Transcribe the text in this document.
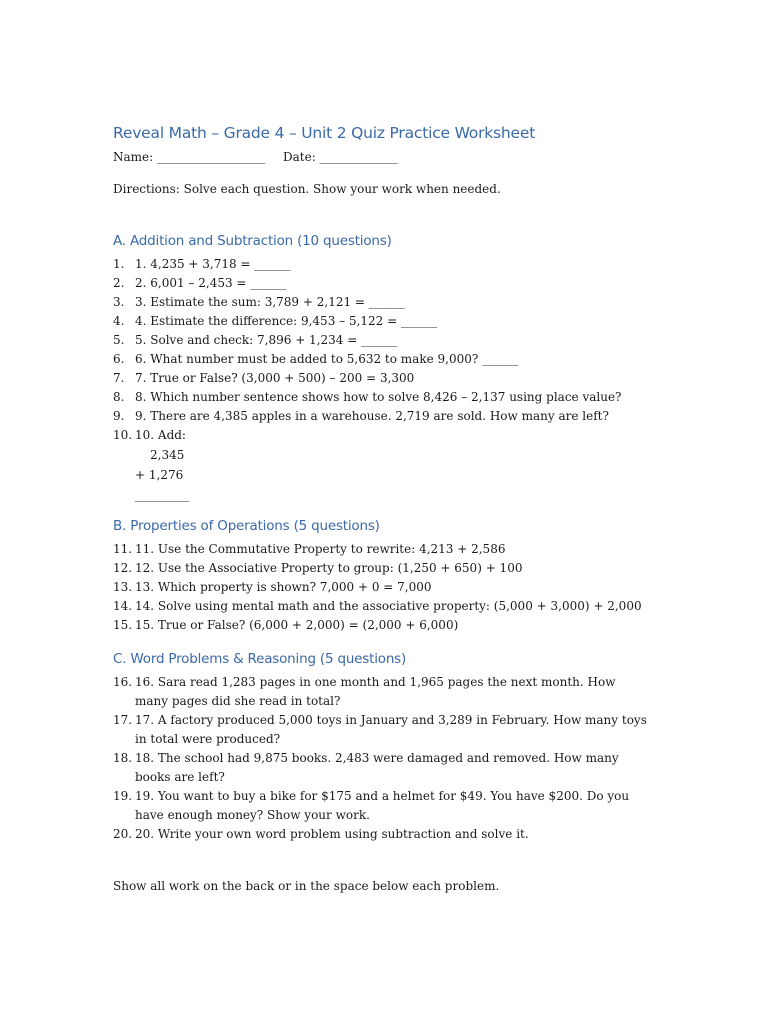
Reveal Math – Grade 4 – Unit 2 Quiz Practice Worksheet
Name: __________________ Date: _____________
Directions: Solve each question. Show your work when needed.
A. Addition and Subtraction (10 questions)
1. 1. 4,235 + 3,718 = ______
2. 2. 6,001 – 2,453 = ______
3. 3. Estimate the sum: 3,789 + 2,121 = ______
4. 4. Estimate the difference: 9,453 – 5,122 = ______
5. 5. Solve and check: 7,896 + 1,234 = ______
6. 6. What number must be added to 5,632 to make 9,000? ______
7. 7. True or False? (3,000 + 500) – 200 = 3,300
8. 8. Which number sentence shows how to solve 8,426 – 2,137 using place value?
9. 9. There are 4,385 apples in a warehouse. 2,719 are sold. How many are left?
10. 10. Add:
2,345
+ 1,276
_________
B. Properties of Operations (5 questions)
11. 11. Use the Commutative Property to rewrite: 4,213 + 2,586
12. 12. Use the Associative Property to group: (1,250 + 650) + 100
13. 13. Which property is shown? 7,000 + 0 = 7,000
14. 14. Solve using mental math and the associative property: (5,000 + 3,000) + 2,000
15. 15. True or False? (6,000 + 2,000) = (2,000 + 6,000)
C. Word Problems & Reasoning (5 questions)
16. 16. Sara read 1,283 pages in one month and 1,965 pages the next month. How many pages did she read in total?
17. 17. A factory produced 5,000 toys in January and 3,289 in February. How many toys in total were produced?
18. 18. The school had 9,875 books. 2,483 were damaged and removed. How many books are left?
19. 19. You want to buy a bike for $175 and a helmet for $49. You have $200. Do you have enough money? Show your work.
20. 20. Write your own word problem using subtraction and solve it.
Show all work on the back or in the space below each problem.
